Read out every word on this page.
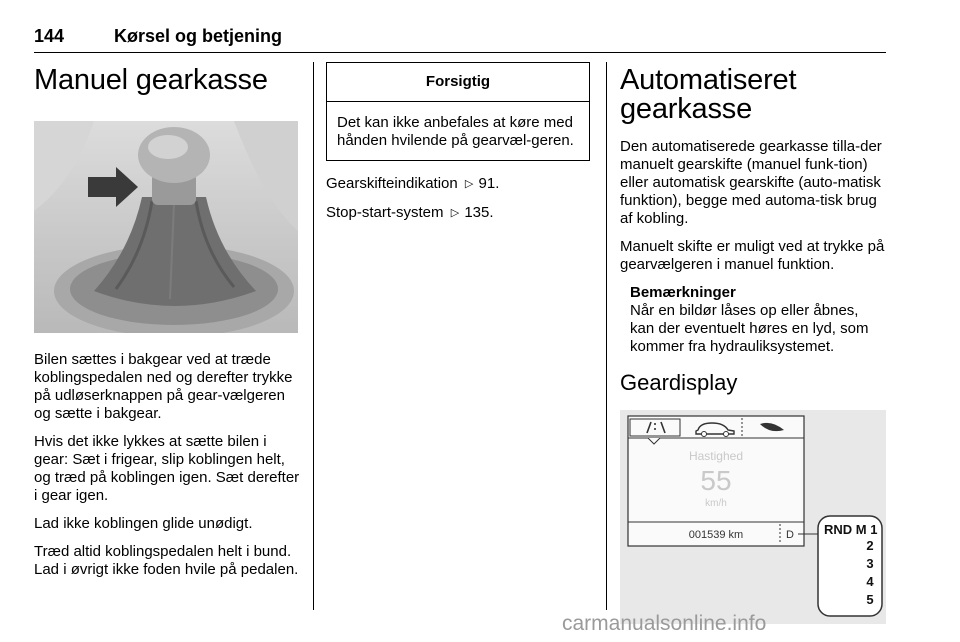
144	Kørsel og betjening
Manuel gearkasse

Bilen sættes i bakgear ved at træde koblingspedalen ned og derefter trykke på udløserknappen på gear-vælgeren og sætte i bakgear.

Hvis det ikke lykkes at sætte bilen i gear: Sæt i frigear, slip koblingen helt, og træd på koblingen igen. Sæt derefter i gear igen.

Lad ikke koblingen glide unødigt.

Træd altid koblingspedalen helt i bund. Lad i øvrigt ikke foden hvile på pedalen.

Forsigtig
Det kan ikke anbefales at køre med hånden hvilende på gearvæl-geren.

Gearskifteindikation ▷ 91.

Stop-start-system ▷ 135.

Automatiseret
gearkasse

Den automatiserede gearkasse tilla-der manuelt gearskifte (manuel funk-tion) eller automatisk gearskifte (auto-matisk funktion), begge med automa-tisk brug af kobling.

Manuelt skifte er muligt ved at trykke på gearvælgeren i manuel funktion.

Bemærkninger

Når en bildør låses op eller åbnes, kan der eventuelt høres en lyd, som kommer fra hydrauliksystemet.

Geardisplay
Hastighed
55
km/h
001539 km	D RND M 1
2
3
4
5
carmanualsonline.info
